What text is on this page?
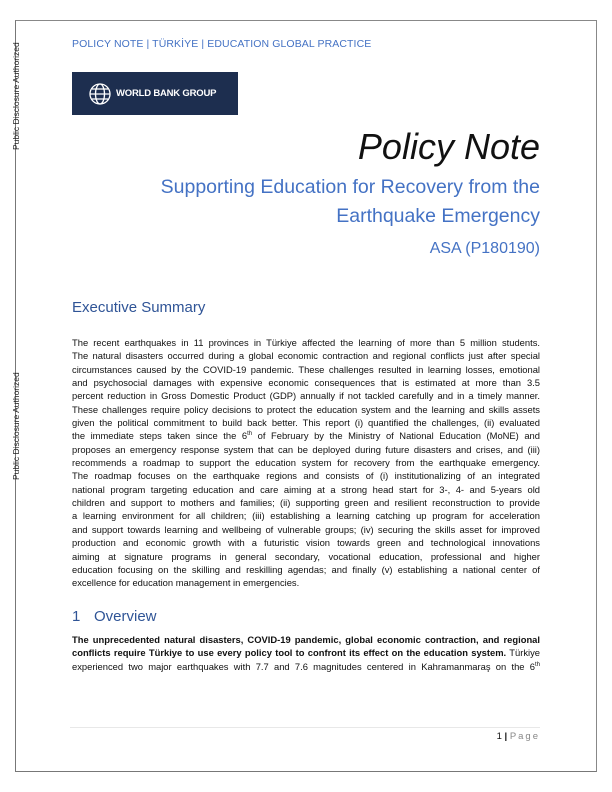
Public Disclosure Authorized
Public Disclosure Authorized
POLICY NOTE | TÜRKİYE | EDUCATION GLOBAL PRACTICE
WORLD BANK GROUP
Policy Note
Supporting Education for Recovery from the
Earthquake Emergency
ASA (P180190)
Executive Summary
The recent earthquakes in 11 provinces in Türkiye affected the learning of more than 5 million students.
The natural disasters occurred during a global economic contraction and regional conflicts just after special
circumstances caused by the COVID-19 pandemic. These challenges resulted in learning losses, emotional
and psychosocial damages with expensive economic consequences that is estimated at more than 3.5
percent reduction in Gross Domestic Product (GDP) annually if not tackled carefully and in a timely manner.
These challenges require policy decisions to protect the education system and the learning and skills assets
given the political commitment to build back better. This report (i) quantified the challenges, (ii) evaluated
the immediate steps taken since the 6th of February by the Ministry of National Education (MoNE) and
proposes an emergency response system that can be deployed during future disasters and crises, and (iii)
recommends a roadmap to support the education system for recovery from the earthquake emergency.
The roadmap focuses on the earthquake regions and consists of (i) institutionalizing of an integrated
national program targeting education and care aiming at a strong head start for 3-, 4- and 5-years old
children and support to mothers and families; (ii) supporting green and resilient reconstruction to provide
a learning environment for all children; (iii) establishing a learning catching up program for acceleration
and support towards learning and wellbeing of vulnerable groups; (iv) securing the skills asset for improved
production and economic growth with a futuristic vision towards green and technological innovations
aiming at signature programs in general secondary, vocational education, professional and higher
education focusing on the skilling and reskilling agendas; and finally (v) establishing a national center of
excellence for education management in emergencies.
1 Overview
The unprecedented natural disasters, COVID-19 pandemic, global economic contraction, and regional
conflicts require Türkiye to use every policy tool to confront its effect on the education system. Türkiye
experienced two major earthquakes with 7.7 and 7.6 magnitudes centered in Kahramanmaraş on the 6th
1 | Page
